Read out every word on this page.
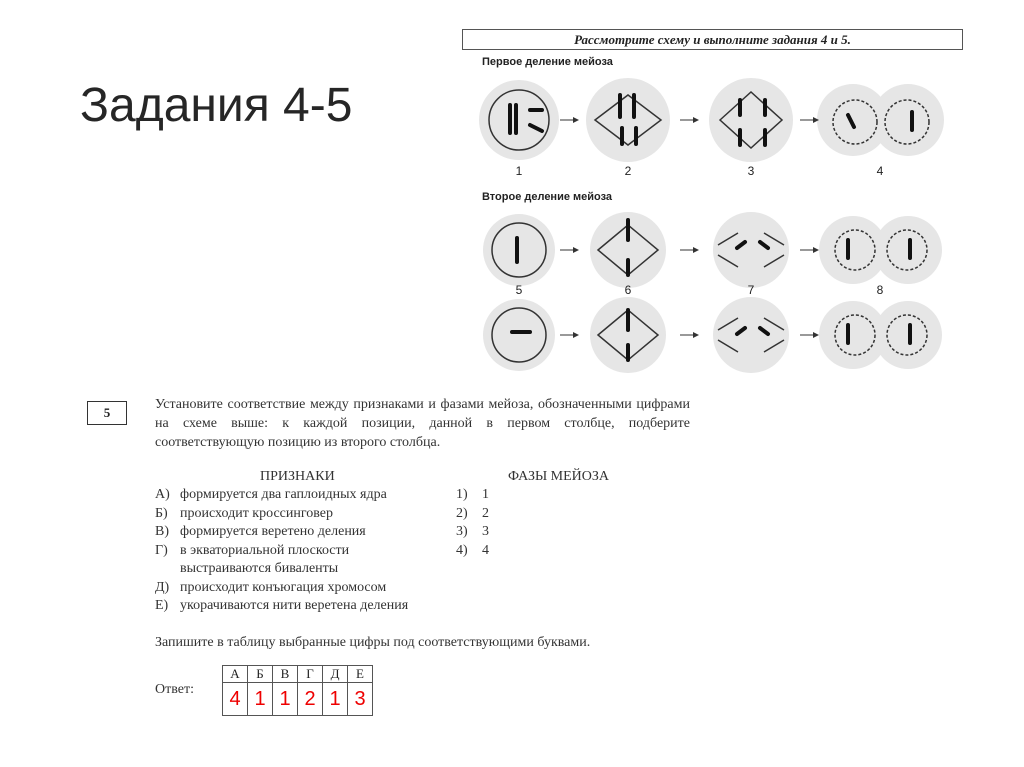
Задания 4-5
Рассмотрите схему и выполните задания 4 и 5.
Первое деление мейоза
Второе деление мейоза
1	2	3	4
5	6	7	8
5
Установите соответствие между признаками и фазами мейоза, обозначенными цифрами на схеме выше: к каждой позиции, данной в первом столбце, подберите соответствующую позицию из второго столбца.
ПРИЗНАКИ	ФАЗЫ МЕЙОЗА
А) формируется два гаплоидных ядра
Б) происходит кроссинговер
В) формируется веретено деления
Г) в экваториальной плоскости
выстраиваются биваленты
Д) происходит конъюгация хромосом
Е) укорачиваются нити веретена деления
1) 1
2) 2
3) 3
4) 4
Запишите в таблицу выбранные цифры под соответствующими буквами.
Ответ:
А	Б	В	Г	Д	Е
4	1	1	2	1	3
